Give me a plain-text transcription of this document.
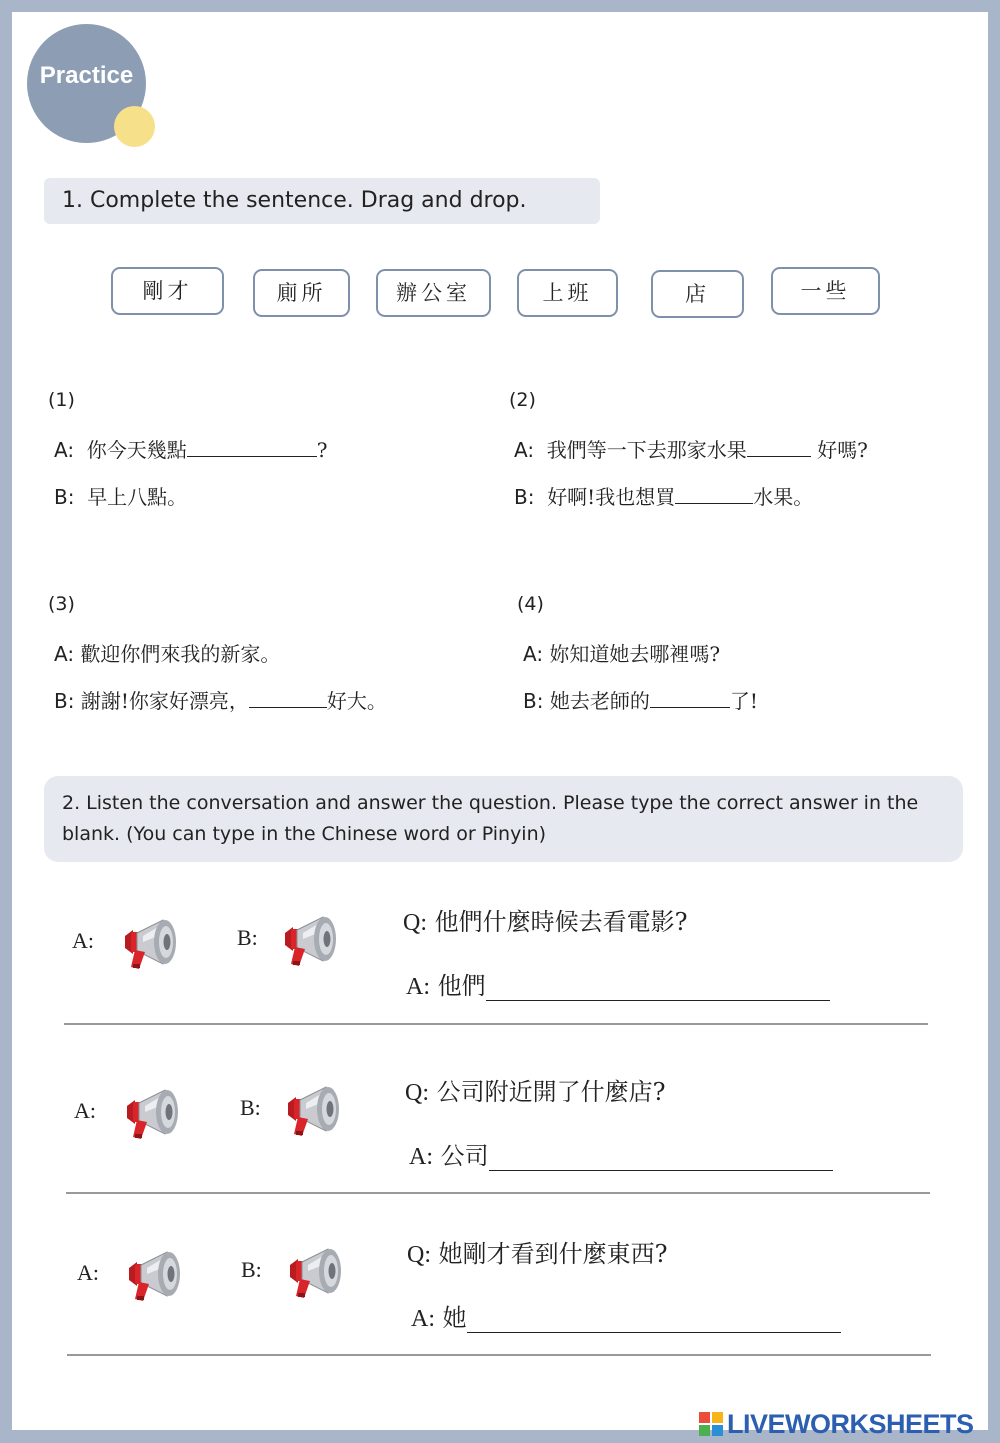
Practice
1. Complete the sentence. Drag and drop.
剛才	廁所	辦公室	上班	店	一些
(1)
A: 你今天幾點	?
B: 早上八點。
(2)
A: 我們等一下去那家水果	好嗎?
B: 好啊!我也想買	水果。
(3)
A: 歡迎你們來我的新家。
B: 謝謝!你家好漂亮，	好大。
(4)
A: 妳知道她去哪裡嗎?
B: 她去老師的	了!
2. Listen the conversation and answer the question. Please type the correct answer in the blank. (You can type in the Chinese word or Pinyin)
A:	B:
Q: 他們什麼時候去看電影?
A: 他們
A:	B:
Q: 公司附近開了什麼店?
A: 公司
A:	B:
Q: 她剛才看到什麼東西?
A: 她
LIVEWORKSHEETS
